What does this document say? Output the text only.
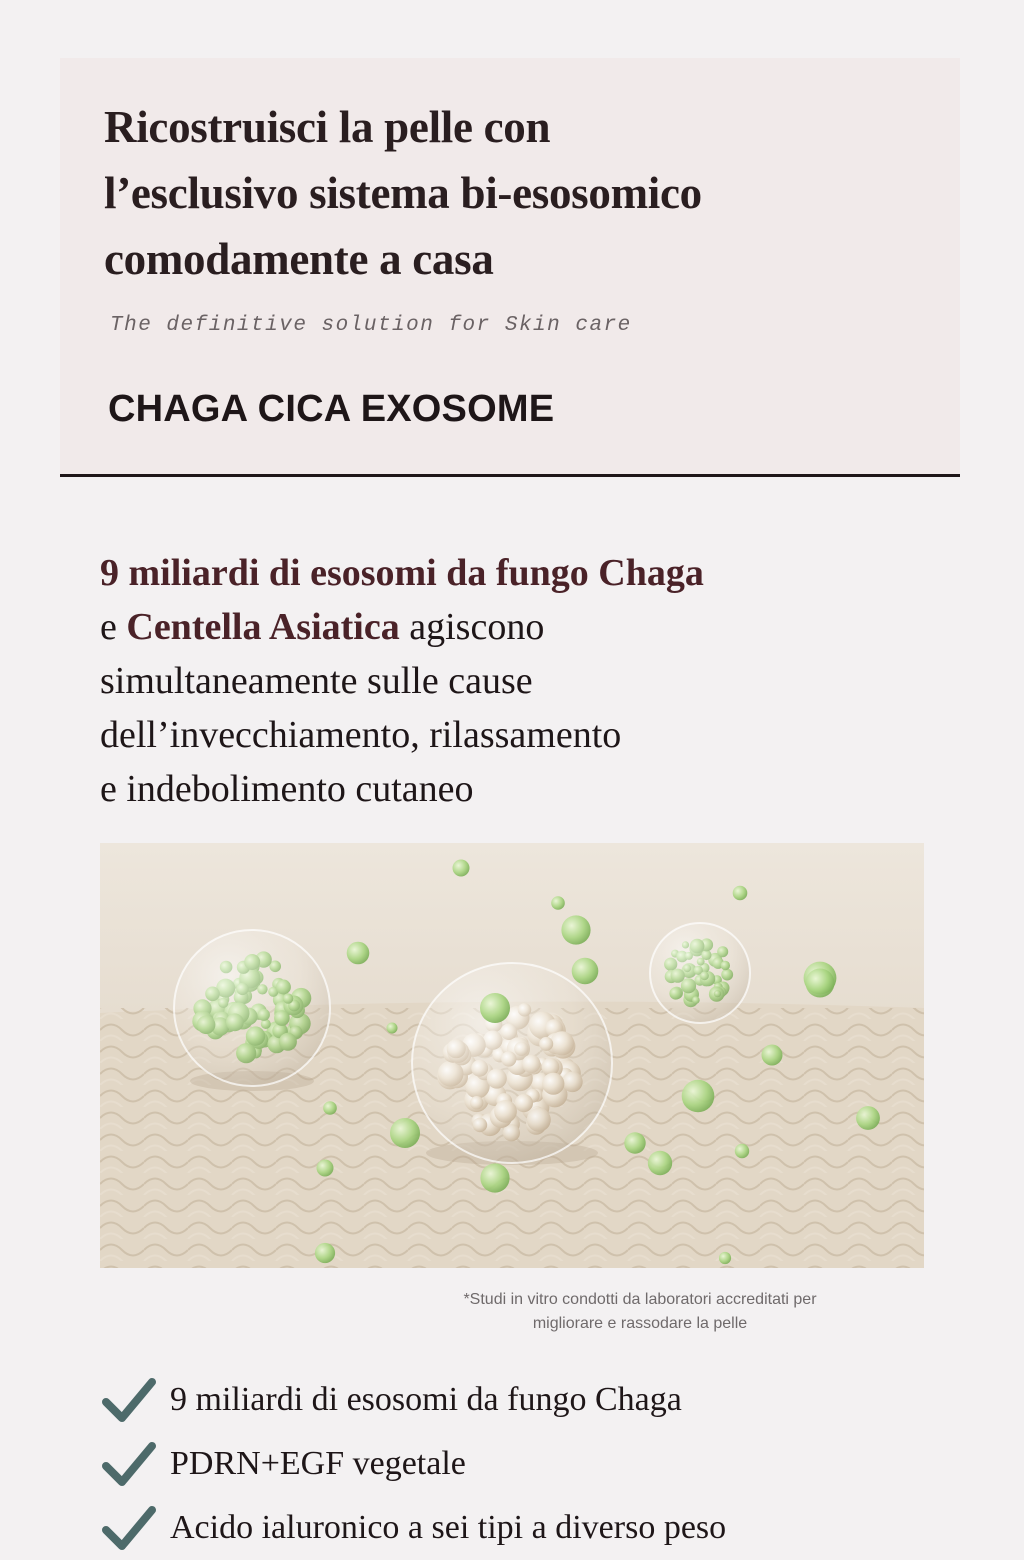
Ricostruisci la pelle con
l’esclusivo sistema bi-esosomico
comodamente a casa
The definitive solution for Skin care
CHAGA CICA EXOSOME

9 miliardi di esosomi da fungo Chaga
e Centella Asiatica agiscono
simultaneamente sulle cause
dell’invecchiamento, rilassamento
e indebolimento cutaneo

*Studi in vitro condotti da laboratori accreditati per
migliorare e rassodare la pelle

9 miliardi di esosomi da fungo Chaga
PDRN+EGF vegetale
Acido ialuronico a sei tipi a diverso peso
